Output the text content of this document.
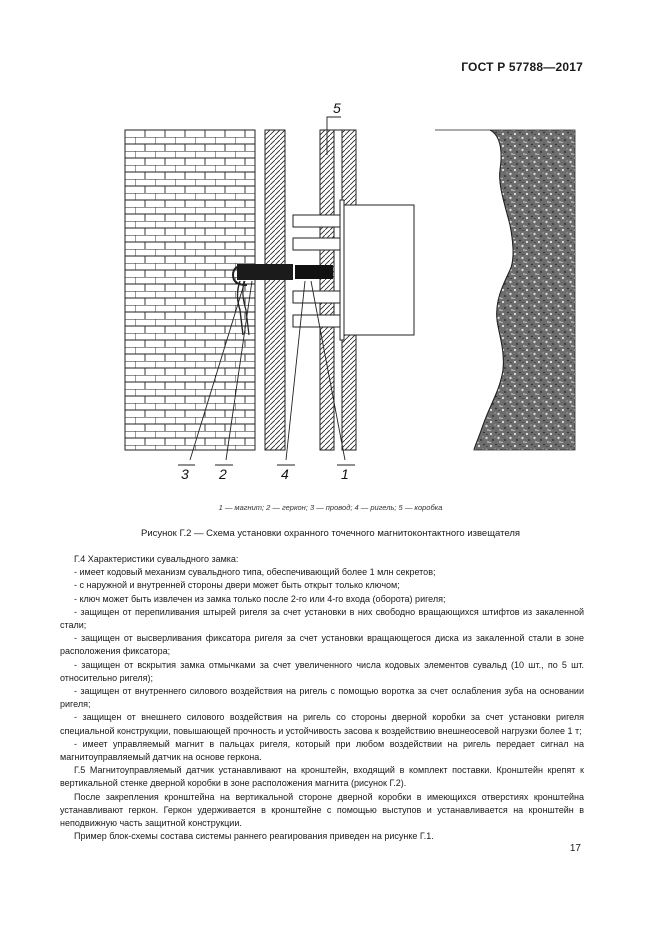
ГОСТ Р 57788—2017
5
3 2	4	1
1 — магнит; 2 — геркон; 3 — провод; 4 — ригель; 5 — коробка
Рисунок Г.2 — Схема установки охранного точечного магнитоконтактного извещателя

Г.4 Характеристики сувальдного замка:

- имеет кодовый механизм сувальдного типа, обеспечивающий более 1 млн секретов;

- с наружной и внутренней стороны двери может быть открыт только ключом;

- ключ может быть извлечен из замка только после 2-го или 4-го входа (оборота) ригеля;

- защищен от перепиливания штырей ригеля за счет установки в них свободно вращающихся штифтов из закаленной стали;

- защищен от высверливания фиксатора ригеля за счет установки вращающегося диска из закаленной стали в зоне расположения фиксатора;

- защищен от вскрытия замка отмычками за счет увеличенного числа кодовых элементов сувальд (10 шт., по 5 шт. относительно ригеля);

- защищен от внутреннего силового воздействия на ригель с помощью воротка за счет ослабления зуба на основании ригеля;

- защищен от внешнего силового воздействия на ригель со стороны дверной коробки за счет установки ригеля специальной конструкции, повышающей прочность и устойчивость засова к воздействию внешнеосевой нагрузки более 1 т;

- имеет управляемый магнит в пальцах ригеля, который при любом воздействии на ригель передает сигнал на магнитоуправляемый датчик на основе геркона.

Г.5 Магнитоуправляемый датчик устанавливают на кронштейн, входящий в комплект поставки. Кронштейн крепят к вертикальной стенке дверной коробки в зоне расположения магнита (рисунок Г.2).

После закрепления кронштейна на вертикальной стороне дверной коробки в имеющихся отверстиях кронштейна устанавливают геркон. Геркон удерживается в кронштейне с помощью выступов и устанавливается на кронштейн в неподвижную часть защитной конструкции.

Пример блок-схемы состава системы раннего реагирования приведен на рисунке Г.1.

17
